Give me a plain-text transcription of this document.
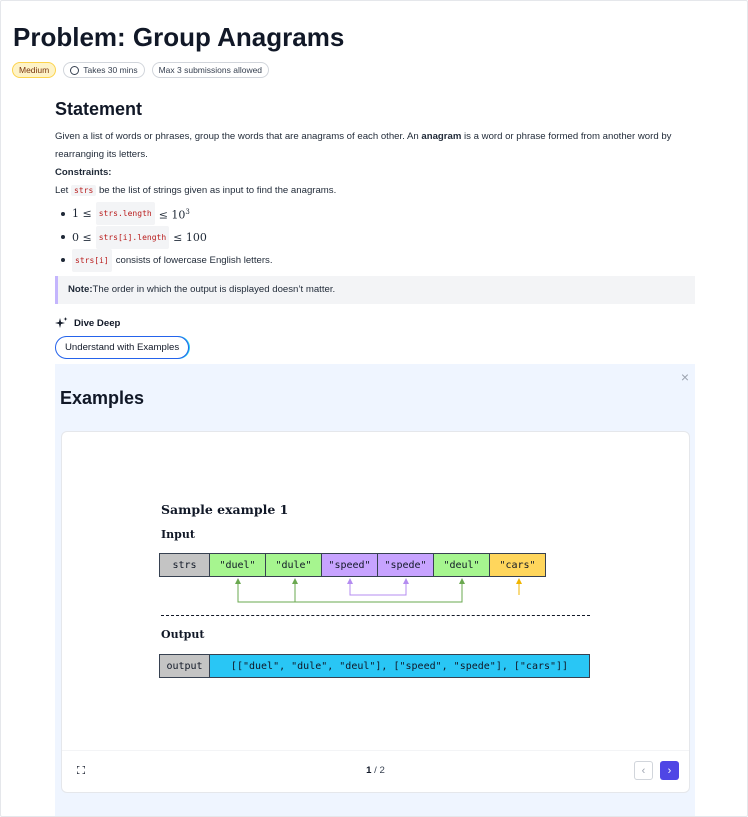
Problem: Group Anagrams
Medium	Takes 30 mins	Max 3 submissions allowed
Statement

Given a list of words or phrases, group the words that are anagrams of each other. An anagram is a word or phrase formed from another word by rearranging its letters.

Constraints:

Let strs be the list of strings given as input to find the anagrams.

1 ≤ strs.length ≤ $10^3$
0 ≤ strs[i].length ≤ 100
strs[i] consists of lowercase English letters.
Note: The order in which the output is displayed doesn’t matter.
Dive Deep
Understand with Examples
×
Examples
Sample example 1
Input
strs	"duel"	"dule"	"speed"	"spede"	"deul"	"cars"
Output
output	[["duel", "dule", "deul"], ["speed", "spede"], ["cars"]]
1 / 2	‹ ›
